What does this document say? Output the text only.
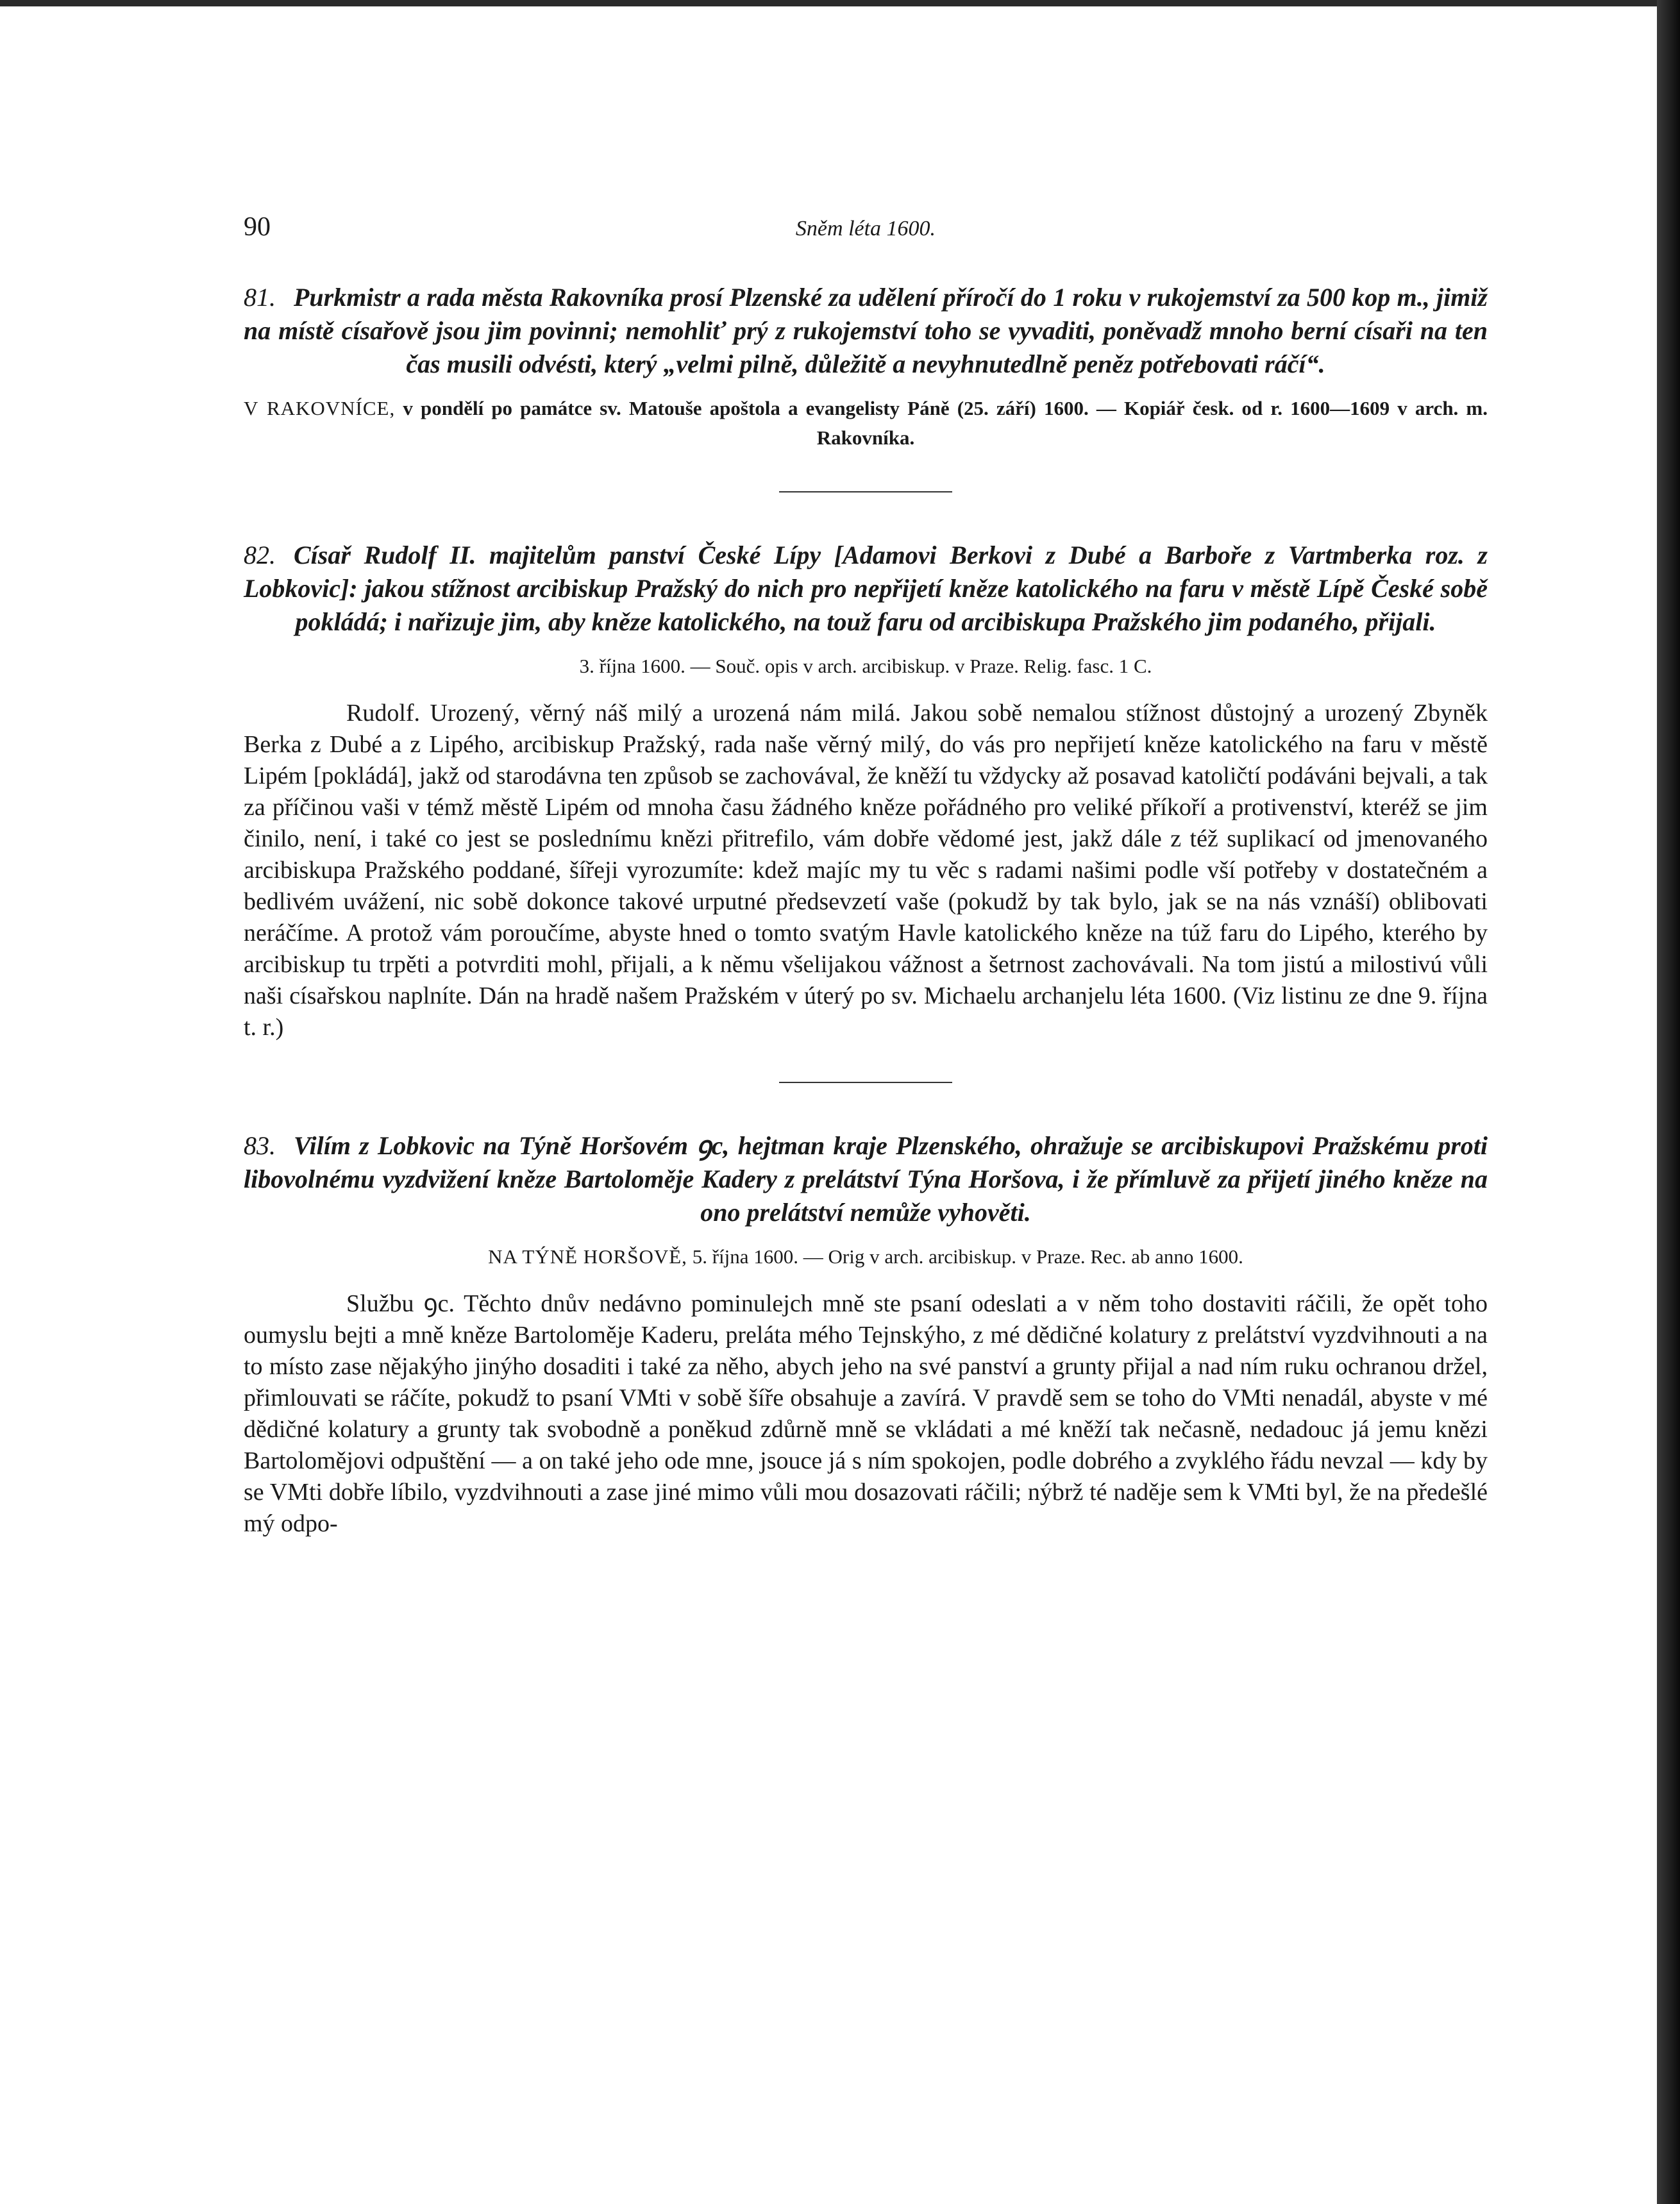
90	Sněm léta 1600.

81. Purkmistr a rada města Rakovníka prosí Plzenské za udělení příročí do 1 roku v rukojemství za 500 kop m., jimiž na místě císařově jsou jim povinni; nemohliť prý z rukojemství toho se vyvaditi, poněvadž mnoho berní císaři na ten čas musili odvésti, který „velmi pilně, důležitě a nevyhnutedlně peněz potřebovati ráčí“.

V RAKOVNÍCE, v pondělí po památce sv. Matouše apoštola a evangelisty Páně (25. září) 1600. — Kopiář česk. od r. 1600—1609 v arch. m. Rakovníka.

82. Císař Rudolf II. majitelům panství České Lípy [Adamovi Berkovi z Dubé a Barboře z Vartmberka roz. z Lobkovic]: jakou stížnost arcibiskup Pražský do nich pro nepřijetí kněze katolického na faru v městě Lípě České sobě pokládá; i nařizuje jim, aby kněze katolického, na touž faru od arcibiskupa Pražského jim podaného, přijali.

3. října 1600. — Souč. opis v arch. arcibiskup. v Praze. Relig. fasc. 1 C.

Rudolf. Urozený, věrný náš milý a urozená nám milá. Jakou sobě nemalou stížnost důstojný a urozený Zbyněk Berka z Dubé a z Lipého, arcibiskup Pražský, rada naše věrný milý, do vás pro nepřijetí kněze katolického na faru v městě Lipém [pokládá], jakž od starodávna ten způsob se zachovával, že kněží tu vždycky až posavad katoličtí podáváni bejvali, a tak za příčinou vaši v témž městě Lipém od mnoha času žádného kněze pořádného pro veliké příkoří a protivenství, kteréž se jim činilo, není, i také co jest se poslednímu knězi přitrefilo, vám dobře vědomé jest, jakž dále z též suplikací od jmenovaného arcibiskupa Pražského poddané, šířeji vyrozumíte: kdež majíc my tu věc s radami našimi podle vší potřeby v dostatečném a bedlivém uvážení, nic sobě dokonce takové urputné předsevzetí vaše (pokudž by tak bylo, jak se na nás vznáší) oblibovati neráčíme. A protož vám poroučíme, abyste hned o tomto svatým Havle katolického kněze na túž faru do Lipého, kterého by arcibiskup tu trpěti a potvrditi mohl, přijali, a k němu všelijakou vážnost a šetrnost zachovávali. Na tom jistú a milostivú vůli naši císařskou naplníte. Dán na hradě našem Pražském v úterý po sv. Michaelu archanjelu léta 1600. (Viz listinu ze dne 9. října t. r.)

83. Vilím z Lobkovic na Týně Horšovém ꝯc, hejtman kraje Plzenského, ohražuje se arcibiskupovi Pražskému proti libovolnému vyzdvižení kněze Bartoloměje Kadery z prelátství Týna Horšova, i že přímluvě za přijetí jiného kněze na ono prelátství nemůže vyhověti.

NA TÝNĚ HORŠOVĚ, 5. října 1600. — Orig v arch. arcibiskup. v Praze. Rec. ab anno 1600.

Službu ꝯc. Těchto dnův nedávno pominulejch mně ste psaní odeslati a v něm toho dostaviti ráčili, že opět toho oumyslu bejti a mně kněze Bartoloměje Kaderu, preláta mého Tejnskýho, z mé dědičné kolatury z prelátství vyzdvihnouti a na to místo zase nějakýho jinýho dosaditi i také za něho, abych jeho na své panství a grunty přijal a nad ním ruku ochranou držel, přimlouvati se ráčíte, pokudž to psaní VMti v sobě šíře obsahuje a zavírá. V pravdě sem se toho do VMti nenadál, abyste v mé dědičné kolatury a grunty tak svobodně a poněkud zdůrně mně se vkládati a mé kněží tak nečasně, nedadouc já jemu knězi Bartolomějovi odpuštění — a on také jeho ode mne, jsouce já s ním spokojen, podle dobrého a zvyklého řádu nevzal — kdy by se VMti dobře líbilo, vyzdvihnouti a zase jiné mimo vůli mou dosazovati ráčili; nýbrž té naděje sem k VMti byl, že na předešlé mý odpo-
